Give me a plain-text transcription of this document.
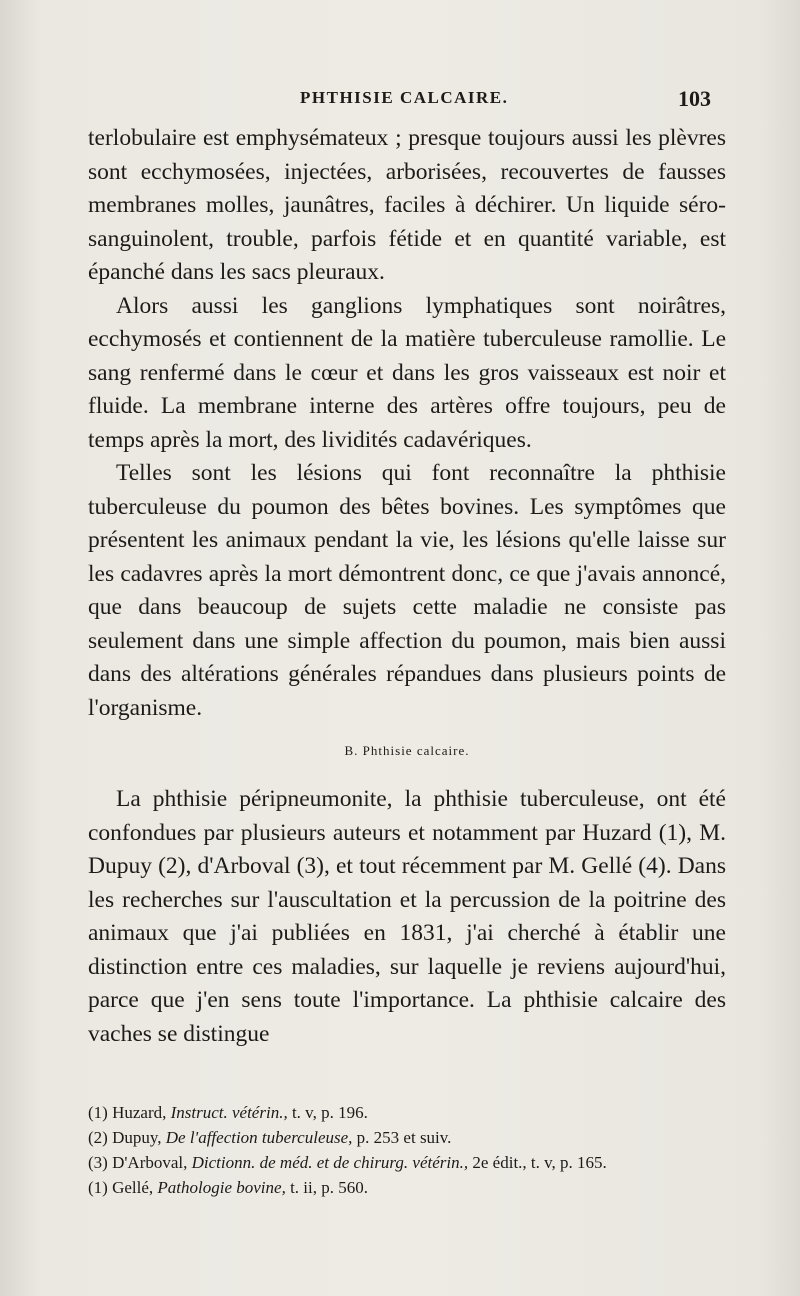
PHTHISIE CALCAIRE.	103

terlobulaire est emphysémateux ; presque toujours aussi les plèvres sont ecchymosées, injectées, arborisées, recouvertes de fausses membranes molles, jaunâtres, faciles à déchirer. Un liquide séro-sanguinolent, trouble, parfois fétide et en quantité variable, est épanché dans les sacs pleuraux.

Alors aussi les ganglions lymphatiques sont noirâtres, ecchymosés et contiennent de la matière tuberculeuse ramollie. Le sang renfermé dans le cœur et dans les gros vaisseaux est noir et fluide. La membrane interne des artères offre toujours, peu de temps après la mort, des lividités cadavériques.

Telles sont les lésions qui font reconnaître la phthisie tuberculeuse du poumon des bêtes bovines. Les symptômes que présentent les animaux pendant la vie, les lésions qu'elle laisse sur les cadavres après la mort démontrent donc, ce que j'avais annoncé, que dans beaucoup de sujets cette maladie ne consiste pas seulement dans une simple affection du poumon, mais bien aussi dans des altérations générales répandues dans plusieurs points de l'organisme.

B. Phthisie calcaire.

La phthisie péripneumonite, la phthisie tuberculeuse, ont été confondues par plusieurs auteurs et notamment par Huzard (1), M. Dupuy (2), d'Arboval (3), et tout récemment par M. Gellé (4). Dans les recherches sur l'auscultation et la percussion de la poitrine des animaux que j'ai publiées en 1831, j'ai cherché à établir une distinction entre ces maladies, sur laquelle je reviens aujourd'hui, parce que j'en sens toute l'importance. La phthisie calcaire des vaches se distingue

(1) Huzard, Instruct. vétérin., t. v, p. 196.
(2) Dupuy, De l'affection tuberculeuse, p. 253 et suiv.
(3) D'Arboval, Dictionn. de méd. et de chirurg. vétérin., 2e édit., t. v, p. 165.
(1) Gellé, Pathologie bovine, t. ii, p. 560.
